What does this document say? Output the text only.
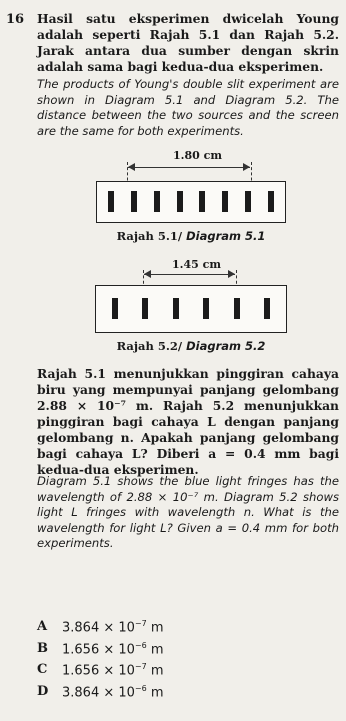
16 Hasil satu eksperimen dwicelah Young adalah seperti Rajah 5.1 dan Rajah 5.2. Jarak antara dua sumber dengan skrin adalah sama bagi kedua-dua eksperimen.
The products of Young's double slit experiment are shown in Diagram 5.1 and Diagram 5.2. The distance between the two sources and the screen are the same for both experiments.
1.80 cm
Rajah 5.1/ Diagram 5.1
1.45 cm
Rajah 5.2/ Diagram 5.2
Rajah 5.1 menunjukkan pinggiran cahaya biru yang mempunyai panjang gelombang 2.88 × 10⁻⁷ m. Rajah 5.2 menunjukkan pinggiran bagi cahaya L dengan panjang gelombang n. Apakah panjang gelombang bagi cahaya L? Diberi a = 0.4 mm bagi kedua-dua eksperimen.
Diagram 5.1 shows the blue light fringes has the wavelength of 2.88 × 10⁻⁷ m. Diagram 5.2 shows light L fringes with wavelength n. What is the wavelength for light L? Given a = 0.4 mm for both experiments.
A	$3.864 \times 10^{-7}$ m
B	$1.656 \times 10^{-6}$ m
C	$1.656 \times 10^{-7}$ m
D	$3.864 \times 10^{-6}$ m
